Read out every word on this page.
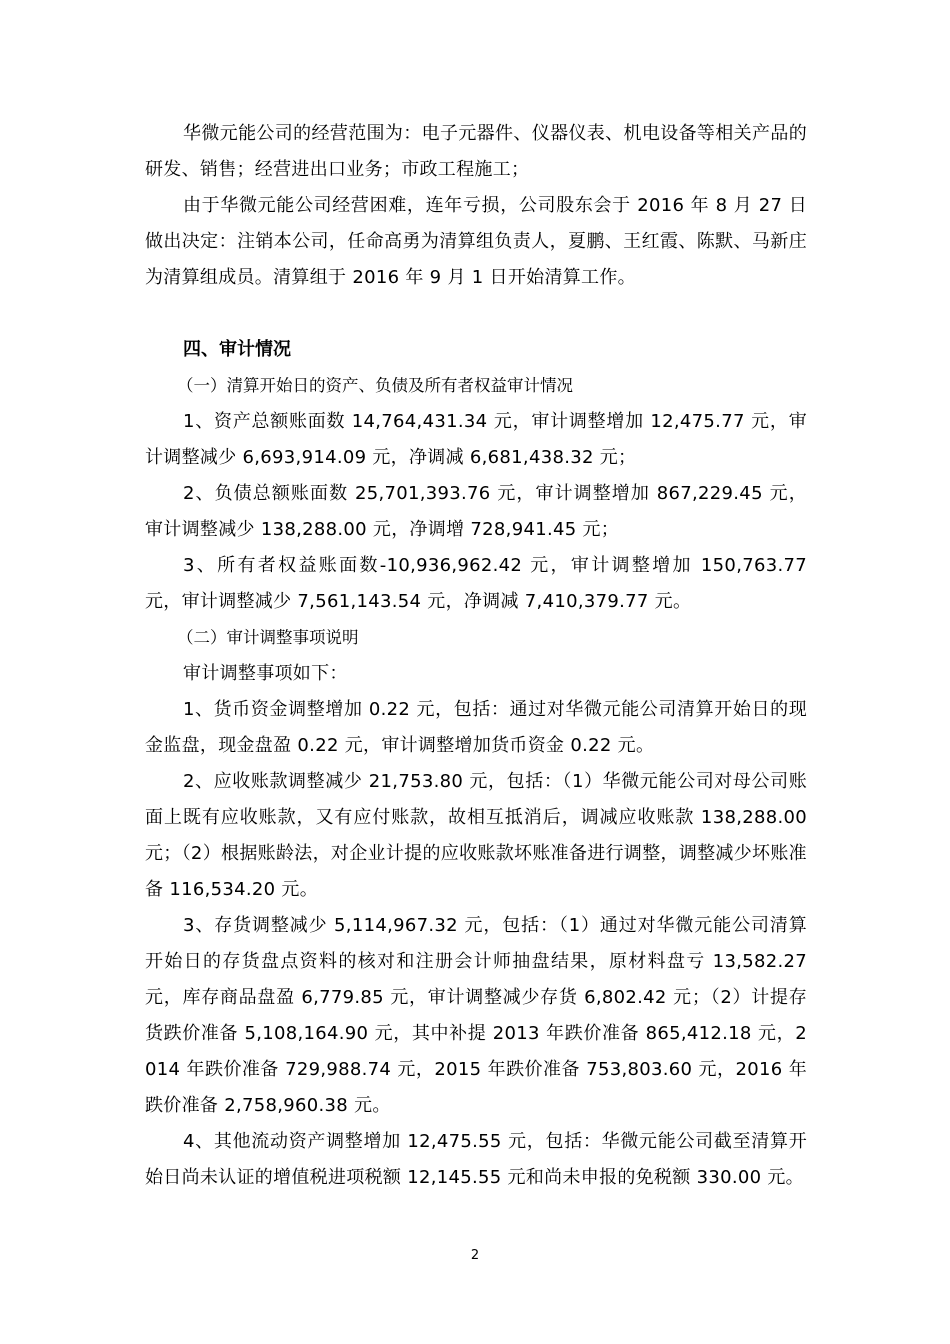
华微元能公司的经营范围为：电子元器件、仪器仪表、机电设备等相关产品的研发、销售；经营进出口业务；市政工程施工；

由于华微元能公司经营困难，连年亏损，公司股东会于 2016 年 8 月 27 日做出决定：注销本公司，任命高勇为清算组负责人，夏鹏、王红霞、陈默、马新庄为清算组成员。清算组于 2016 年 9 月 1 日开始清算工作。

四、审计情况

（一）清算开始日的资产、负债及所有者权益审计情况

1、资产总额账面数 14,764,431.34 元，审计调整增加 12,475.77 元，审计调整减少 6,693,914.09 元，净调减 6,681,438.32 元；

2、负债总额账面数 25,701,393.76 元，审计调整增加 867,229.45 元，审计调整减少 138,288.00 元，净调增 728,941.45 元；

3、所有者权益账面数-10,936,962.42 元，审计调整增加 150,763.77 元，审计调整减少 7,561,143.54 元，净调减 7,410,379.77 元。

（二）审计调整事项说明

审计调整事项如下：

1、货币资金调整增加 0.22 元，包括：通过对华微元能公司清算开始日的现金监盘，现金盘盈 0.22 元，审计调整增加货币资金 0.22 元。

2、应收账款调整减少 21,753.80 元，包括：（1）华微元能公司对母公司账面上既有应收账款，又有应付账款，故相互抵消后，调减应收账款 138,288.00 元；（2）根据账龄法，对企业计提的应收账款坏账准备进行调整，调整减少坏账准备 116,534.20 元。

3、存货调整减少 5,114,967.32 元，包括：（1）通过对华微元能公司清算开始日的存货盘点资料的核对和注册会计师抽盘结果，原材料盘亏 13,582.27 元，库存商品盘盈 6,779.85 元，审计调整减少存货 6,802.42 元；（2）计提存货跌价准备 5,108,164.90 元，其中补提 2013 年跌价准备 865,412.18 元，2014 年跌价准备 729,988.74 元，2015 年跌价准备 753,803.60 元，2016 年跌价准备 2,758,960.38 元。

4、其他流动资产调整增加 12,475.55 元，包括：华微元能公司截至清算开始日尚未认证的增值税进项税额 12,145.55 元和尚未申报的免税额 330.00 元。

2
